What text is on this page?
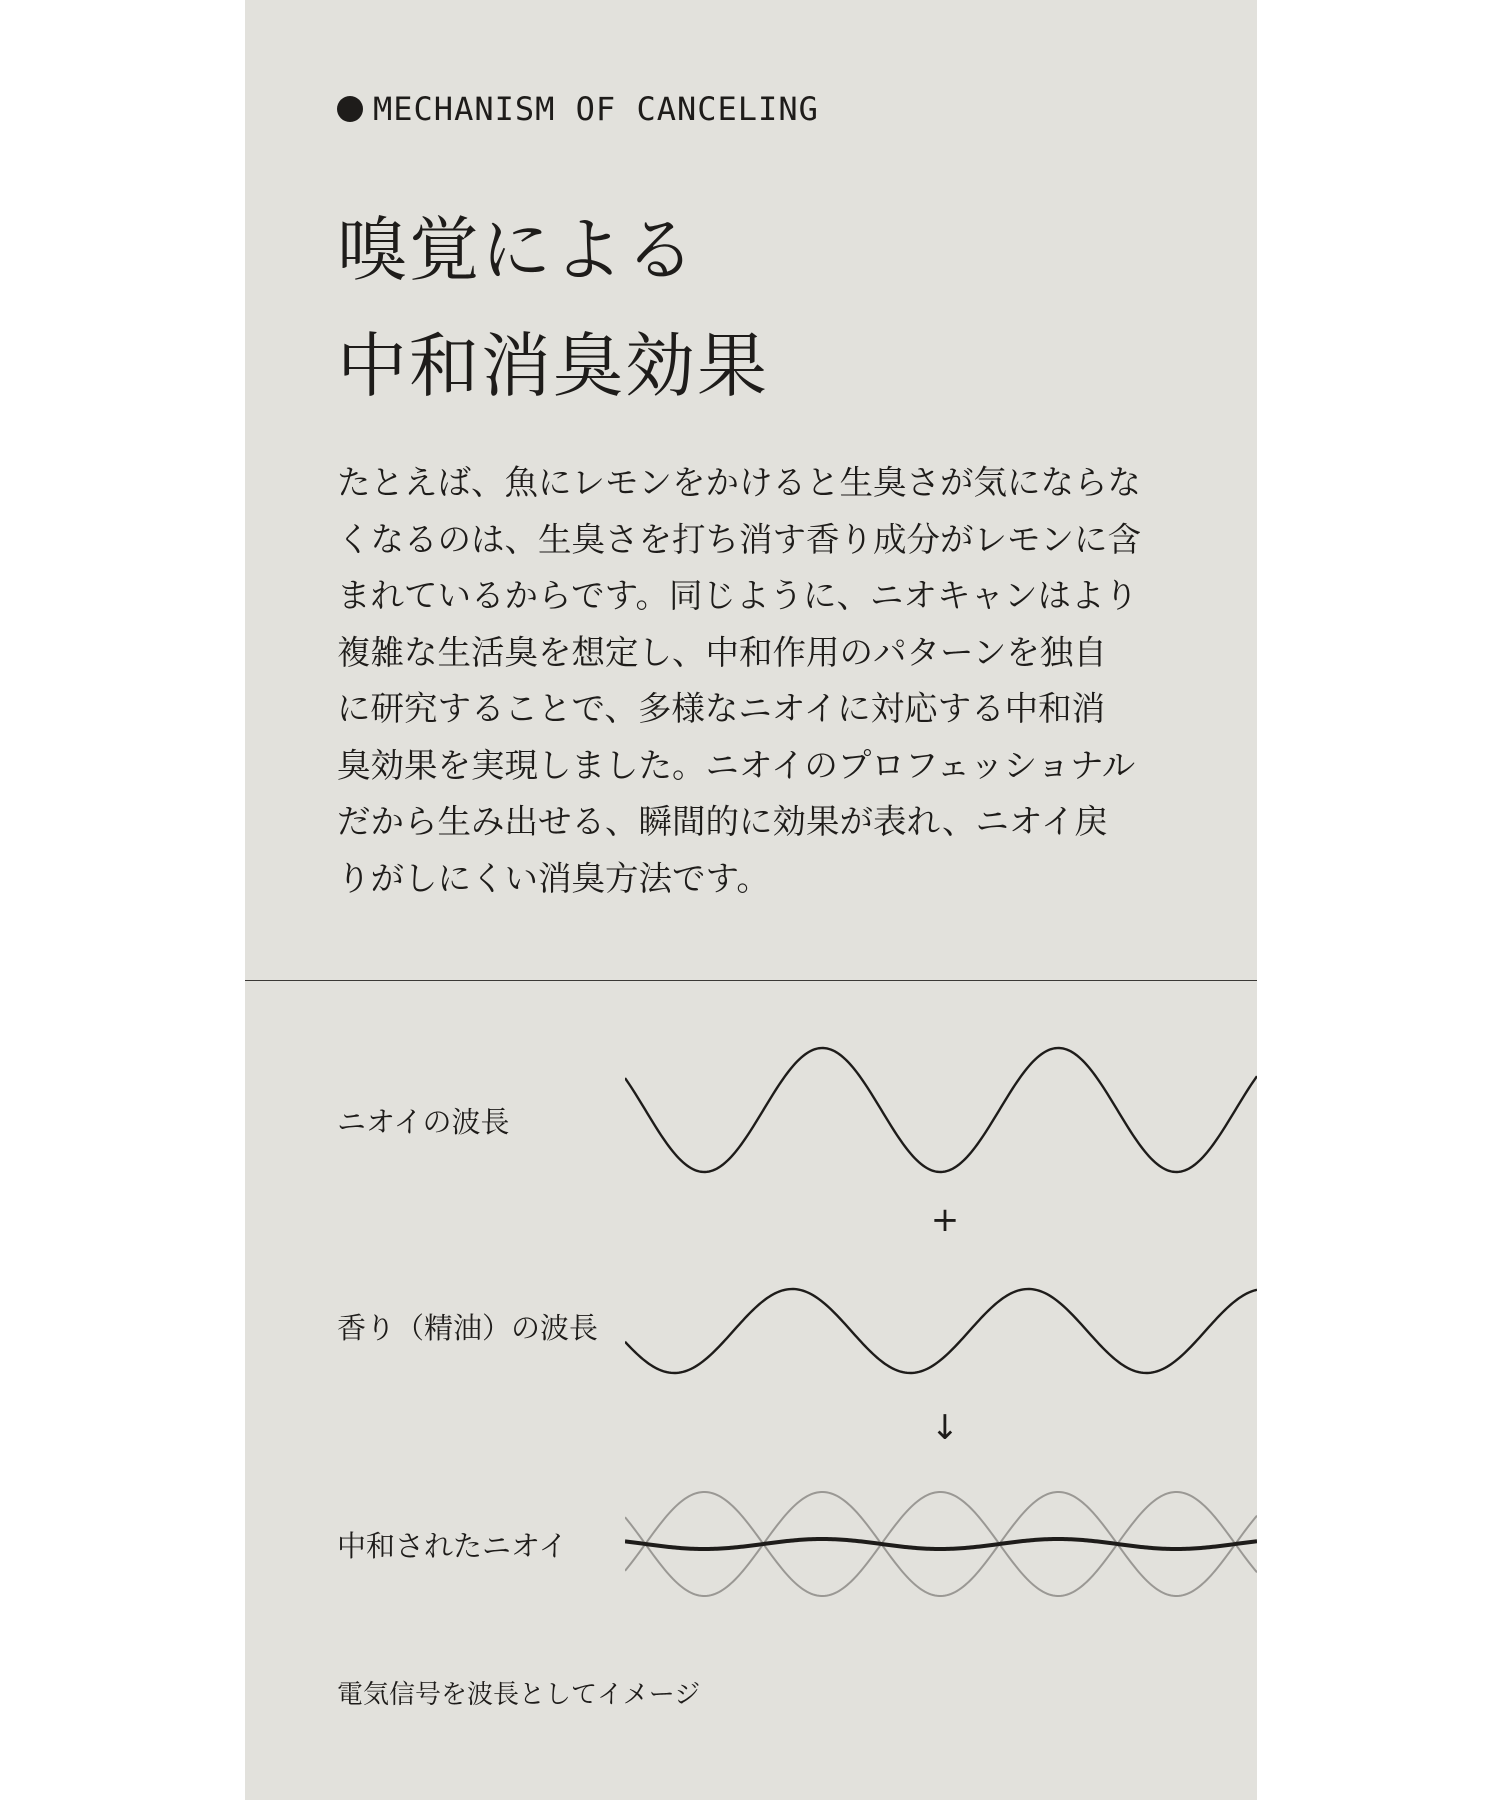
MECHANISM OF CANCELING
嗅覚による
中和消臭効果

たとえば、魚にレモンをかけると生臭さが気にならな
くなるのは、生臭さを打ち消す香り成分がレモンに含
まれているからです。同じように、ニオキャンはより
複雑な生活臭を想定し、中和作用のパターンを独自
に研究することで、多様なニオイに対応する中和消
臭効果を実現しました。ニオイのプロフェッショナル
だから生み出せる、瞬間的に効果が表れ、ニオイ戻
りがしにくい消臭方法です。

ニオイの波長
+
香り（精油）の波長
↓
中和されたニオイ
電気信号を波長としてイメージ
